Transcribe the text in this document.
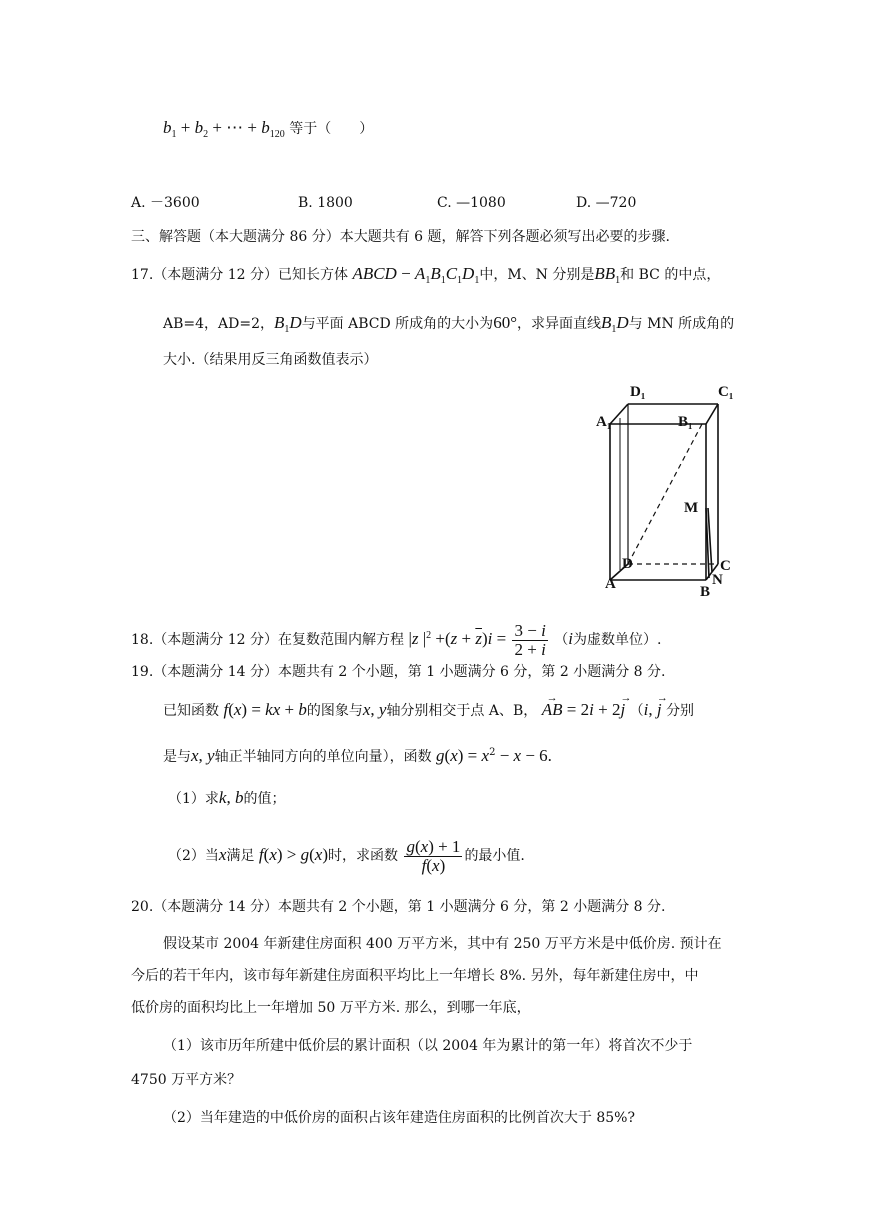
$b_1 + b_2$ + ⋯ + $b_{120}$ 等于（　　）
A. －3600	B. 1800	C. —1080	D. —720
三、解答题（本大题满分 86 分）本大题共有 6 题，解答下列各题必须写出必要的步骤.
17.（本题满分 12 分）已知长方体 ABCD − $A_1B_1C_1D_1$中，M、N 分别是$BB_1$和 BC 的中点，
AB=4，AD=2，$B_1D$与平面 ABCD 所成角的大小为60°，求异面直线$B_1D$与 MN 所成角的
大小.（结果用反三角函数值表示）
D₁	C₁
A₁	B₁
M
D	C
A	N
B
18.（本题满分 12 分）在复数范围内解方程 |z $|^2 +(z + \overline{z})i = \frac{3 - i}{2 + i} (i$为虚数单位）.
19.（本题满分 14 分）本题共有 2 个小题，第 1 小题满分 6 分，第 2 小题满分 8 分.
已知函数 f(x) = kx + b的图象与x, y轴分别相交于点 A、B， → AB = 2i + 2→ j （i, → j 分别
是与x, y轴正半轴同方向的单位向量），函数 $g(x) = x^2 - x - 6$.
（1）求k, b的值；
（2）当x满足 f(x) > g(x)时，求函数 $\frac{g(x) + 1}{f(x)}$ 的最小值.
20.（本题满分 14 分）本题共有 2 个小题，第 1 小题满分 6 分，第 2 小题满分 8 分.
假设某市 2004 年新建住房面积 400 万平方米，其中有 250 万平方米是中低价房. 预计在
今后的若干年内，该市每年新建住房面积平均比上一年增长 8%. 另外，每年新建住房中，中
低价房的面积均比上一年增加 50 万平方米. 那么，到哪一年底，
（1）该市历年所建中低价层的累计面积（以 2004 年为累计的第一年）将首次不少于
4750 万平方米？
（2）当年建造的中低价房的面积占该年建造住房面积的比例首次大于 85%?
